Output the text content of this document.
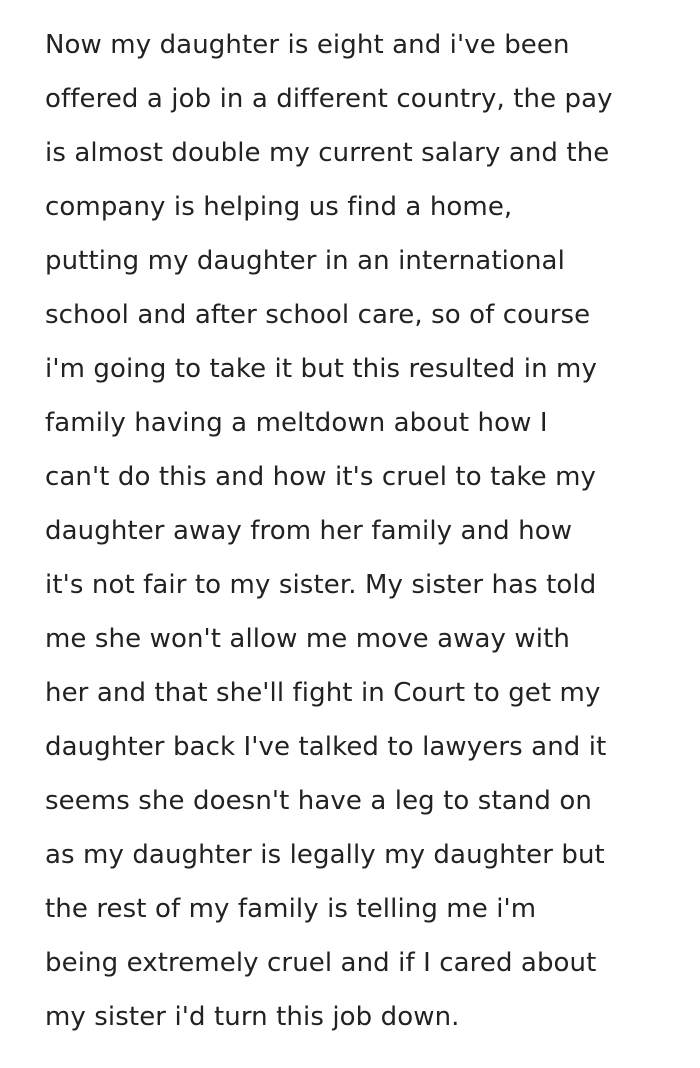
Now my daughter is eight and i've been
offered a job in a different country, the pay
is almost double my current salary and the
company is helping us find a home,
putting my daughter in an international
school and after school care, so of course
i'm going to take it but this resulted in my
family having a meltdown about how I
can't do this and how it's cruel to take my
daughter away from her family and how
it's not fair to my sister. My sister has told
me she won't allow me move away with
her and that she'll fight in Court to get my
daughter back I've talked to lawyers and it
seems she doesn't have a leg to stand on
as my daughter is legally my daughter but
the rest of my family is telling me i'm
being extremely cruel and if I cared about
my sister i'd turn this job down.
